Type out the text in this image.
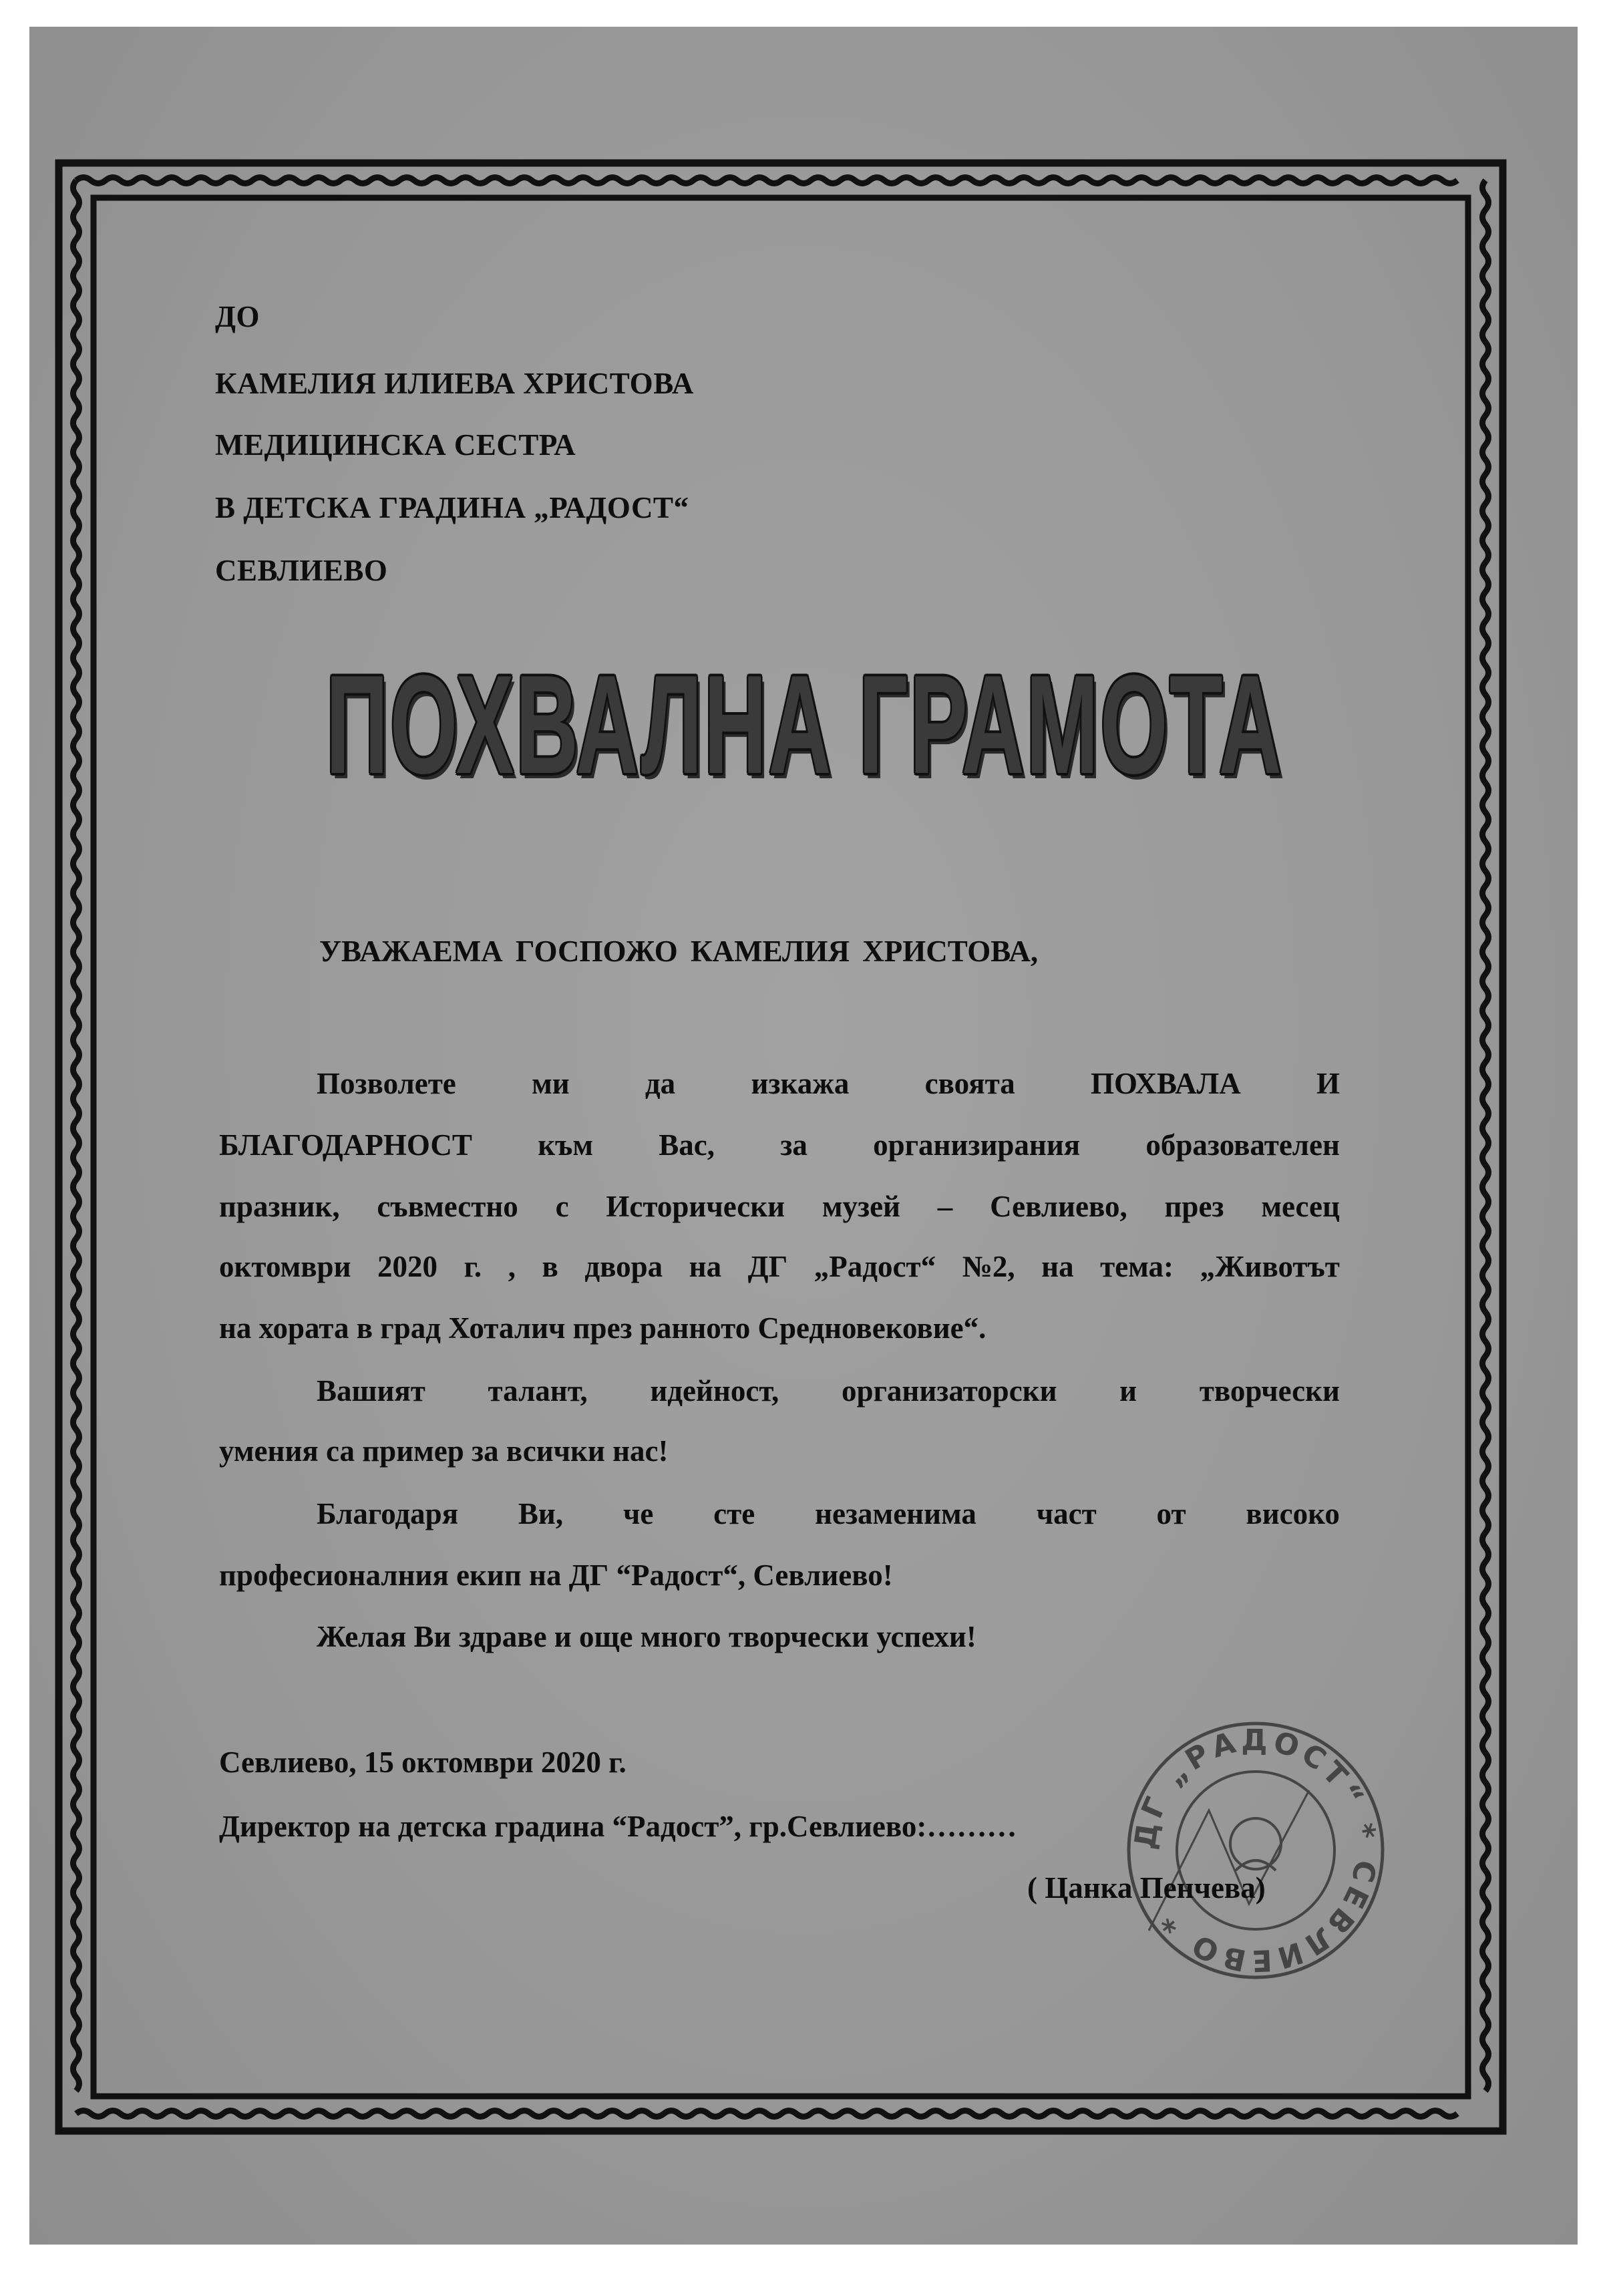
ДО
КАМЕЛИЯ ИЛИЕВА ХРИСТОВА
МЕДИЦИНСКА СЕСТРА
В ДЕТСКА ГРАДИНА „РАДОСТ“
СЕВЛИЕВО
ПОХВАЛНА ГРАМОТА
УВАЖАЕМА ГОСПОЖО КАМЕЛИЯ ХРИСТОВА,
Позволете	ми	да	изкажа	своята	ПОХВАЛА	И
БЛАГОДАРНОСТ към Вас, за организирания образователен
празник, съвместно с Исторически музей – Севлиево, през месец
октомври 2020 г. , в двора на ДГ „Радост“ №2, на тема: „Животът
на хората в град Хоталич през ранното Средновековие“.
Вашият талант, идейност, организаторски и творчески
умения са пример за всички нас!
Благодаря Ви, че сте незаменима част от високо
професионалния екип на ДГ “Радост“, Севлиево!
Желая Ви здраве и още много творчески успехи!
ДГ „РАДОСТ“ * СЕВЛИЕВО *
Севлиево, 15 октомври 2020 г.
Директор на детска градина “Радост”, гр.Севлиево:………
( Цанка Пенчева)
